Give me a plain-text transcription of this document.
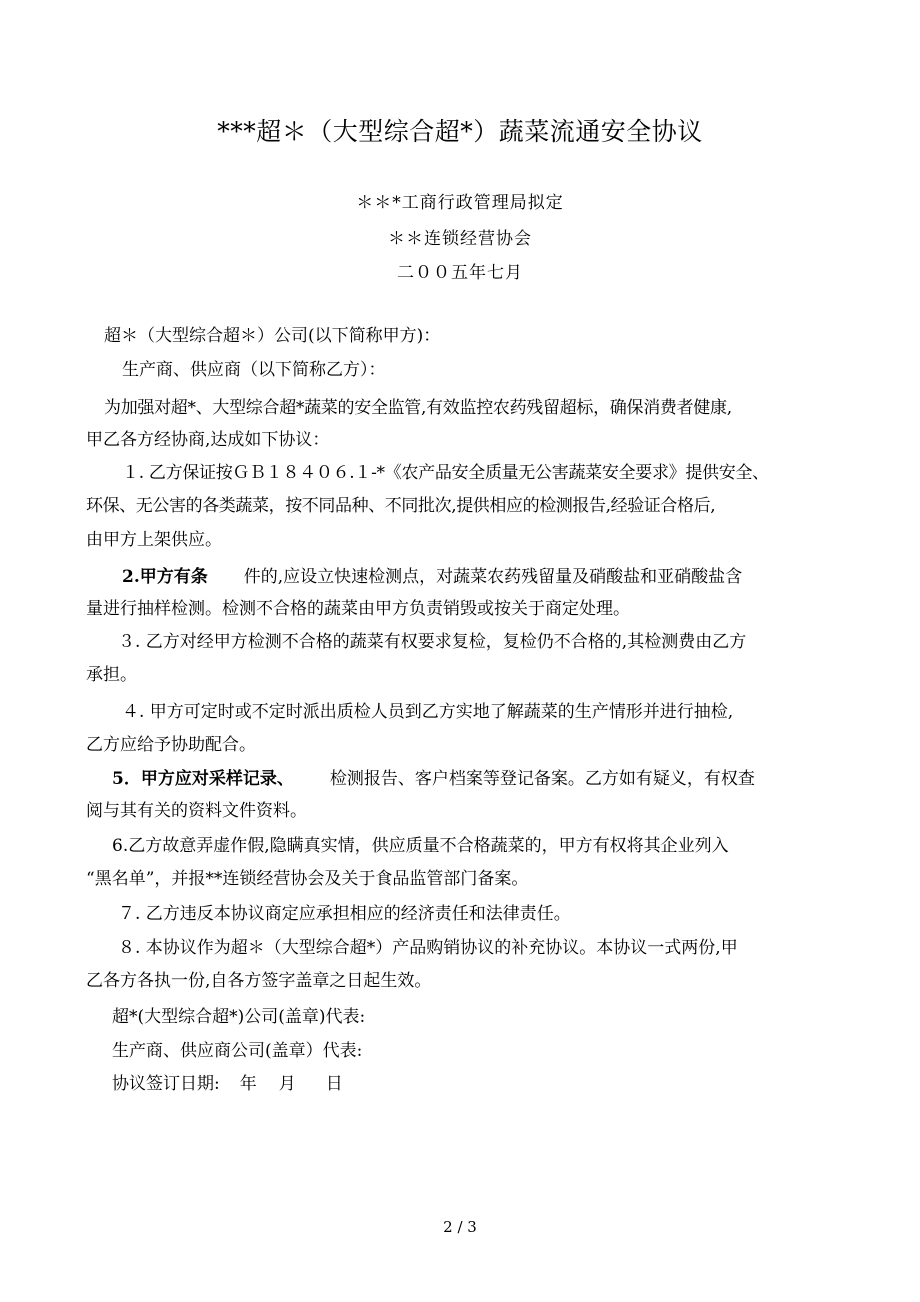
***超＊（大型综合超*）蔬菜流通安全协议
＊＊*工商行政管理局拟定
＊＊连锁经营协会
二００五年七月
超＊（大型综合超＊）公司(以下简称甲方)：
生产商、供应商（以下简称乙方）：
为加强对超*、大型综合超*蔬菜的安全监管,有效监控农药残留超标，确保消费者健康,
甲乙各方经协商,达成如下协议：
１. 乙方保证按ＧＢ１８４０６.１-*《农产品安全质量无公害蔬菜安全要求》提供安全、
环保、无公害的各类蔬菜，按不同品种、不同批次,提供相应的检测报告,经验证合格后,
由甲方上架供应。
2.甲方有条 件的,应设立快速检测点，对蔬菜农药残留量及硝酸盐和亚硝酸盐含
量进行抽样检测。检测不合格的蔬菜由甲方负责销毁或按关于商定处理。
３. 乙方对经甲方检测不合格的蔬菜有权要求复检，复检仍不合格的,其检测费由乙方
承担。
４. 甲方可定时或不定时派出质检人员到乙方实地了解蔬菜的生产情形并进行抽检,
乙方应给予协助配合。
5．甲方应对采样记录、 检测报告、客户档案等登记备案。乙方如有疑义，有权查
阅与其有关的资料文件资料。
6.乙方故意弄虚作假,隐瞒真实情，供应质量不合格蔬菜的，甲方有权将其企业列入
“黑名单”，并报**连锁经营协会及关于食品监管部门备案。
７. 乙方违反本协议商定应承担相应的经济责任和法律责任。
８. 本协议作为超＊（大型综合超*）产品购销协议的补充协议。本协议一式两份,甲
乙各方各执一份,自各方签字盖章之日起生效。
超*(大型综合超*)公司(盖章)代表:
生产商、供应商公司(盖章）代表:
协议签订日期: 年 月 日
2 / 3
